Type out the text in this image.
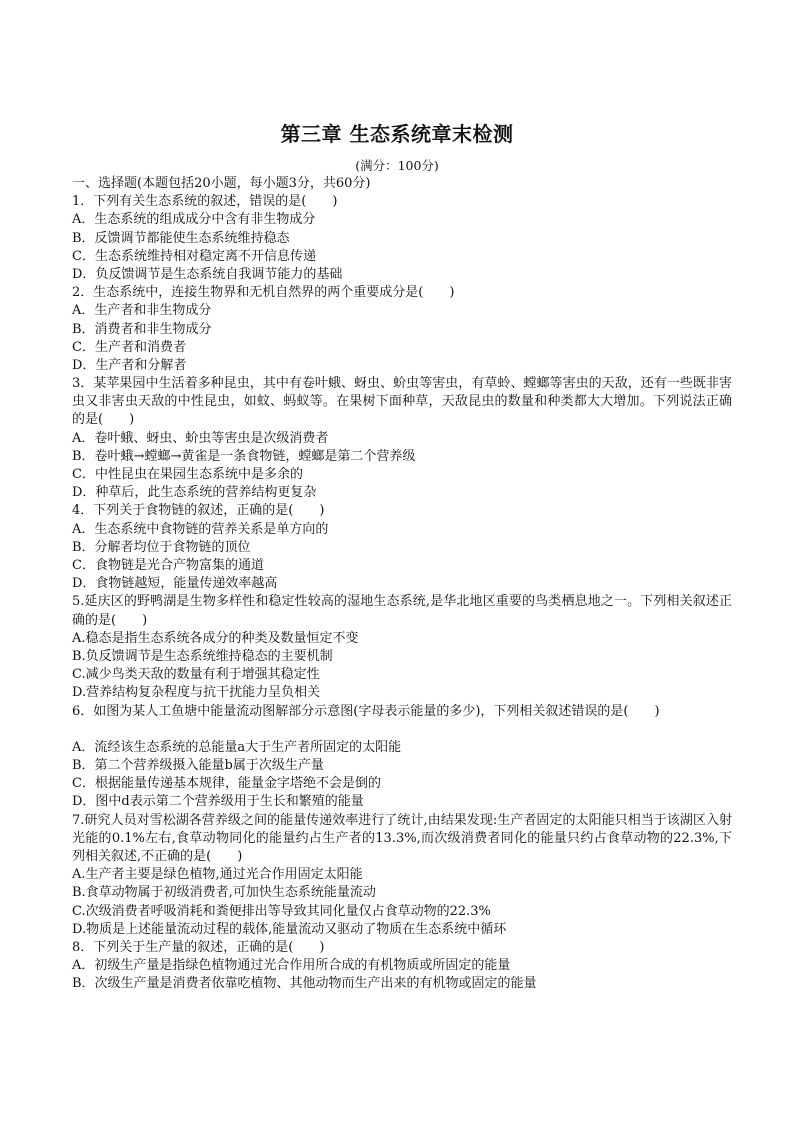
第三章 生态系统章末检测
(满分：100分)
一、选择题(本题包括20小题，每小题3分，共60分)
1．下列有关生态系统的叙述，错误的是(　　)
A．生态系统的组成成分中含有非生物成分
B．反馈调节都能使生态系统维持稳态
C．生态系统维持相对稳定离不开信息传递
D．负反馈调节是生态系统自我调节能力的基础
2．生态系统中，连接生物界和无机自然界的两个重要成分是(　　)
A．生产者和非生物成分
B．消费者和非生物成分
C．生产者和消费者
D．生产者和分解者
3．某苹果园中生活着多种昆虫，其中有卷叶蛾、蚜虫、蚧虫等害虫，有草蛉、螳螂等害虫的天敌，还有一些既非害虫又非害虫天敌的中性昆虫，如蚊、蚂蚁等。在果树下面种草，天敌昆虫的数量和种类都大大增加。下列说法正确的是(　　)
A．卷叶蛾、蚜虫、蚧虫等害虫是次级消费者
B．卷叶蛾→螳螂→黄雀是一条食物链，螳螂是第二个营养级
C．中性昆虫在果园生态系统中是多余的
D．种草后，此生态系统的营养结构更复杂
4．下列关于食物链的叙述，正确的是(　　)
A．生态系统中食物链的营养关系是单方向的
B．分解者均位于食物链的顶位
C．食物链是光合产物富集的通道
D．食物链越短，能量传递效率越高
5.延庆区的野鸭湖是生物多样性和稳定性较高的湿地生态系统,是华北地区重要的鸟类栖息地之一。下列相关叙述正确的是(　　)
A.稳态是指生态系统各成分的种类及数量恒定不变
B.负反馈调节是生态系统维持稳态的主要机制
C.减少鸟类天敌的数量有利于增强其稳定性
D.营养结构复杂程度与抗干扰能力呈负相关
6．如图为某人工鱼塘中能量流动图解部分示意图(字母表示能量的多少)，下列相关叙述错误的是(　　)
A．流经该生态系统的总能量a大于生产者所固定的太阳能
B．第二个营养级摄入能量b属于次级生产量
C．根据能量传递基本规律，能量金字塔绝不会是倒的
D．图中d表示第二个营养级用于生长和繁殖的能量
7.研究人员对雪松湖各营养级之间的能量传递效率进行了统计,由结果发现:生产者固定的太阳能只相当于该湖区入射光能的0.1%左右,食草动物同化的能量约占生产者的13.3%,而次级消费者同化的能量只约占食草动物的22.3%,下列相关叙述,不正确的是(　　)
A.生产者主要是绿色植物,通过光合作用固定太阳能
B.食草动物属于初级消费者,可加快生态系统能量流动
C.次级消费者呼吸消耗和粪便排出等导致其同化量仅占食草动物的22.3%
D.物质是上述能量流动过程的载体,能量流动又驱动了物质在生态系统中循环
8．下列关于生产量的叙述，正确的是(　　)
A．初级生产量是指绿色植物通过光合作用所合成的有机物质或所固定的能量
B．次级生产量是消费者依靠吃植物、其他动物而生产出来的有机物或固定的能量
